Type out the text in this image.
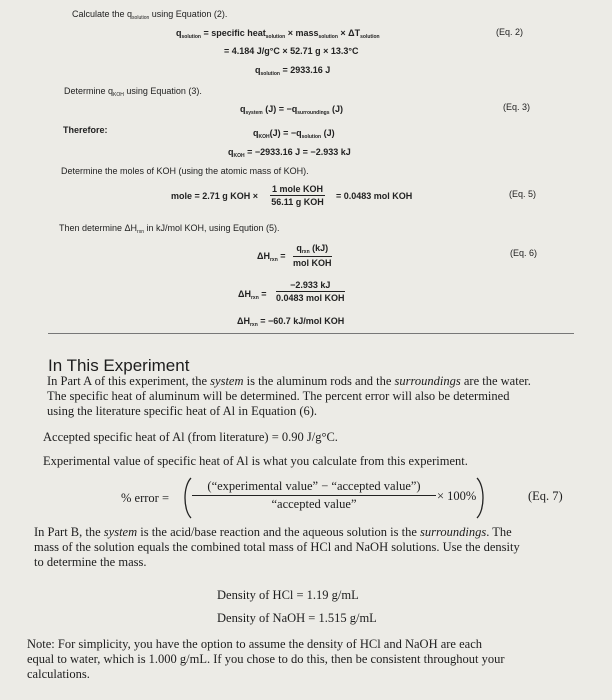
Calculate the $q_{solution}$ using Equation (2).
$q_{solution}$ = specific heat$_{solution}$ × mass$_{solution}$ × $\Delta T_{solution}$	(Eq. 2)
= 4.184 J/g°C × 52.71 g × 13.3°C
$q_{solution} = 2933.16$ J
Determine $q_{KOH}$ using Equation (3).
$q_{system}$ $(J) = -q_{surroundings}$ (J)	(Eq. 3)
Therefore:	$q_{KOH}(J) = -q_{solution}$ (J)
$q_{KOH} = -2933.16$ J = −2.933 kJ
Determine the moles of KOH (using the atomic mass of KOH).
mole = 2.71 g KOH ×
1 mole KOH
56.11 g KOH
= 0.0483 mol KOH	(Eq. 5)
Then determine $\Delta H_{rxn}$ in kJ/mol KOH, using Eqution (5).
$\Delta H_{rxn}$ =
$q_{rxn}$ (kJ)
mol KOH
(Eq. 6)
$\Delta H_{rxn}$ =
−2.933 kJ
0.0483 mol KOH
$\Delta H_{rxn} = -60.7$ kJ/mol KOH
In This Experiment
In Part A of this experiment, the system is the aluminum rods and the surroundings are the water.
The specific heat of aluminum will be determined. The percent error will also be determined
using the literature specific heat of Al in Equation (6).
Accepted specific heat of Al (from literature) = 0.90 J/g°C.
Experimental value of specific heat of Al is what you calculate from this experiment.
% error =
(“experimental value” − “accepted value”)
“accepted value”
× 100%	(Eq. 7)
In Part B, the system is the acid/base reaction and the aqueous solution is the surroundings. The
mass of the solution equals the combined total mass of HCl and NaOH solutions. Use the density
to determine the mass.
Density of HCl = 1.19 g/mL
Density of NaOH = 1.515 g/mL
Note: For simplicity, you have the option to assume the density of HCl and NaOH are each
equal to water, which is 1.000 g/mL. If you chose to do this, then be consistent throughout your
calculations.
